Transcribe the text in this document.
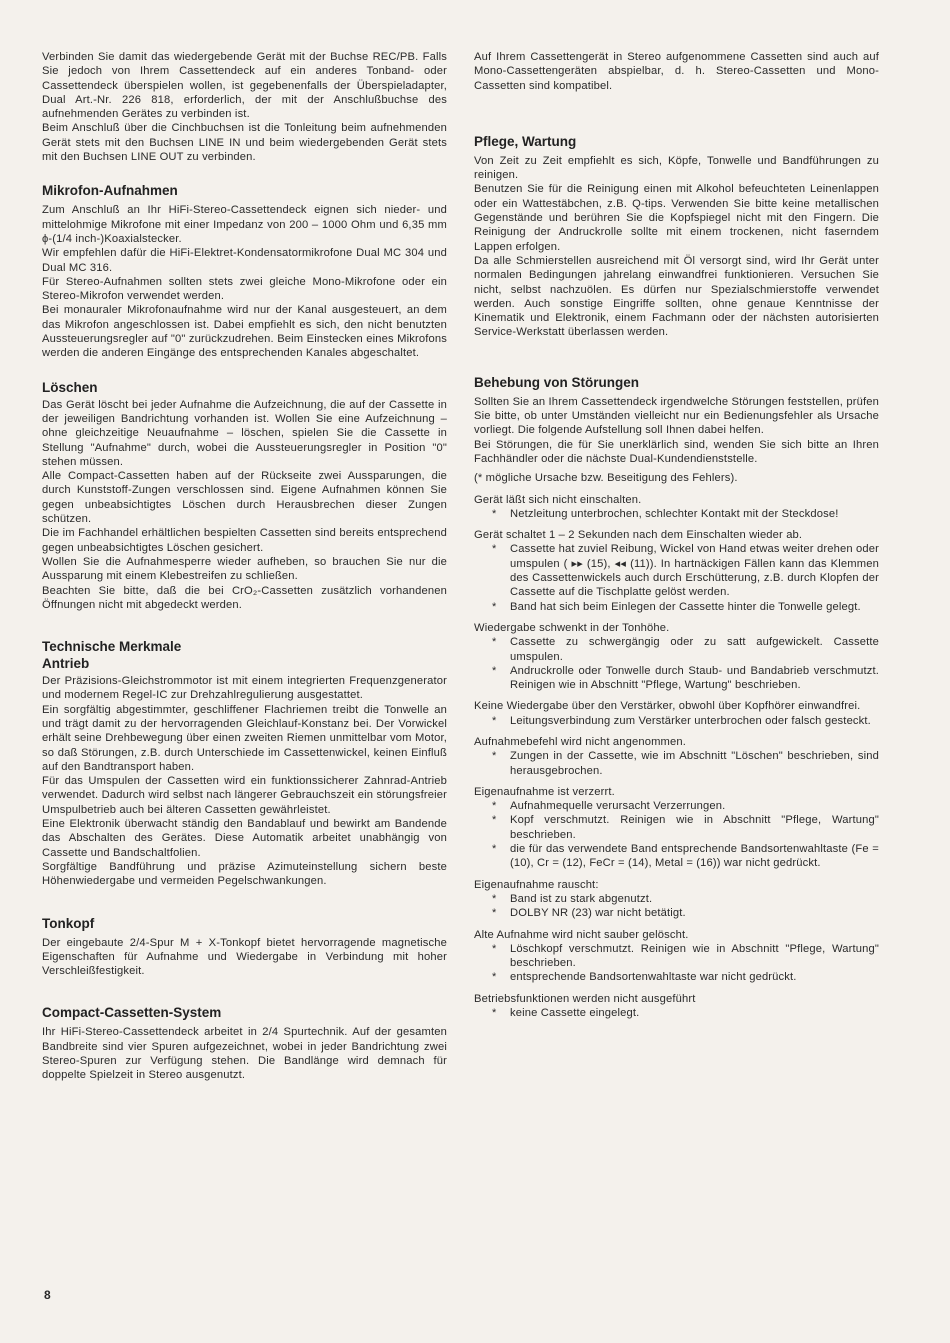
Verbinden Sie damit das wiedergebende Gerät mit der Buchse REC/PB. Falls Sie jedoch von Ihrem Cassettendeck auf ein anderes Tonband- oder Cassettendeck überspielen wollen, ist gegebenenfalls der Überspieladapter, Dual Art.-Nr. 226 818, erforderlich, der mit der Anschlußbuchse des aufnehmenden Gerätes zu verbinden ist.

Beim Anschluß über die Cinchbuchsen ist die Tonleitung beim aufnehmenden Gerät stets mit den Buchsen LINE IN und beim wiedergebenden Gerät stets mit den Buchsen LINE OUT zu verbinden.

Mikrofon-Aufnahmen

Zum Anschluß an Ihr HiFi-Stereo-Cassettendeck eignen sich nieder- und mittelohmige Mikrofone mit einer Impedanz von 200 – 1000 Ohm und 6,35 mm ϕ-(1/4 inch-)Koaxialstecker.

Wir empfehlen dafür die HiFi-Elektret-Kondensatormikrofone Dual MC 304 und Dual MC 316.

Für Stereo-Aufnahmen sollten stets zwei gleiche Mono-Mikrofone oder ein Stereo-Mikrofon verwendet werden.

Bei monauraler Mikrofonaufnahme wird nur der Kanal ausgesteuert, an dem das Mikrofon angeschlossen ist. Dabei empfiehlt es sich, den nicht benutzten Aussteuerungsregler auf "0" zurückzudrehen. Beim Einstecken eines Mikrofons werden die anderen Eingänge des entsprechenden Kanales abgeschaltet.

Löschen

Das Gerät löscht bei jeder Aufnahme die Aufzeichnung, die auf der Cassette in der jeweiligen Bandrichtung vorhanden ist. Wollen Sie eine Aufzeichnung – ohne gleichzeitige Neuaufnahme – löschen, spielen Sie die Cassette in Stellung "Aufnahme" durch, wobei die Aussteuerungsregler in Position "0" stehen müssen.

Alle Compact-Cassetten haben auf der Rückseite zwei Aussparungen, die durch Kunststoff-Zungen verschlossen sind. Eigene Aufnahmen können Sie gegen unbeabsichtigtes Löschen durch Herausbrechen dieser Zungen schützen.

Die im Fachhandel erhältlichen bespielten Cassetten sind bereits entsprechend gegen unbeabsichtigtes Löschen gesichert.

Wollen Sie die Aufnahmesperre wieder aufheben, so brauchen Sie nur die Aussparung mit einem Klebestreifen zu schließen.

Beachten Sie bitte, daß die bei CrO₂-Cassetten zusätzlich vorhandenen Öffnungen nicht mit abgedeckt werden.

Technische Merkmale
Antrieb

Der Präzisions-Gleichstrommotor ist mit einem integrierten Frequenzgenerator und modernem Regel-IC zur Drehzahlregulierung ausgestattet.

Ein sorgfältig abgestimmter, geschliffener Flachriemen treibt die Tonwelle an und trägt damit zu der hervorragenden Gleichlauf-Konstanz bei. Der Vorwickel erhält seine Drehbewegung über einen zweiten Riemen unmittelbar vom Motor, so daß Störungen, z.B. durch Unterschiede im Cassettenwickel, keinen Einfluß auf den Bandtransport haben.

Für das Umspulen der Cassetten wird ein funktionssicherer Zahnrad-Antrieb verwendet. Dadurch wird selbst nach längerer Gebrauchszeit ein störungsfreier Umspulbetrieb auch bei älteren Cassetten gewährleistet.

Eine Elektronik überwacht ständig den Bandablauf und bewirkt am Bandende das Abschalten des Gerätes. Diese Automatik arbeitet unabhängig von Cassette und Bandschaltfolien.

Sorgfältige Bandführung und präzise Azimuteinstellung sichern beste Höhenwiedergabe und vermeiden Pegelschwankungen.

Tonkopf

Der eingebaute 2/4-Spur M + X-Tonkopf bietet hervorragende magnetische Eigenschaften für Aufnahme und Wiedergabe in Verbindung mit hoher Verschleißfestigkeit.

Compact-Cassetten-System

Ihr HiFi-Stereo-Cassettendeck arbeitet in 2/4 Spurtechnik. Auf der gesamten Bandbreite sind vier Spuren aufgezeichnet, wobei in jeder Bandrichtung zwei Stereo-Spuren zur Verfügung stehen. Die Bandlänge wird demnach für doppelte Spielzeit in Stereo ausgenutzt.

Auf Ihrem Cassettengerät in Stereo aufgenommene Cassetten sind auch auf Mono-Cassettengeräten abspielbar, d. h. Stereo-Cassetten und Mono-Cassetten sind kompatibel.

Pflege, Wartung

Von Zeit zu Zeit empfiehlt es sich, Köpfe, Tonwelle und Bandführungen zu reinigen.

Benutzen Sie für die Reinigung einen mit Alkohol befeuchteten Leinenlappen oder ein Wattestäbchen, z.B. Q-tips. Verwenden Sie bitte keine metallischen Gegenstände und berühren Sie die Kopfspiegel nicht mit den Fingern. Die Reinigung der Andruckrolle sollte mit einem trockenen, nicht faserndem Lappen erfolgen.

Da alle Schmierstellen ausreichend mit Öl versorgt sind, wird Ihr Gerät unter normalen Bedingungen jahrelang einwandfrei funktionieren. Versuchen Sie nicht, selbst nachzuölen. Es dürfen nur Spezialschmierstoffe verwendet werden. Auch sonstige Eingriffe sollten, ohne genaue Kenntnisse der Kinematik und Elektronik, einem Fachmann oder der nächsten autorisierten Service-Werkstatt überlassen werden.

Behebung von Störungen

Sollten Sie an Ihrem Cassettendeck irgendwelche Störungen feststellen, prüfen Sie bitte, ob unter Umständen vielleicht nur ein Bedienungsfehler als Ursache vorliegt. Die folgende Aufstellung soll Ihnen dabei helfen.

Bei Störungen, die für Sie unerklärlich sind, wenden Sie sich bitte an Ihren Fachhändler oder die nächste Dual-Kundendienststelle.

(* mögliche Ursache bzw. Beseitigung des Fehlers).

Gerät läßt sich nicht einschalten.

*	Netzleitung unterbrochen, schlechter Kontakt mit der Steckdose!

Gerät schaltet 1 – 2 Sekunden nach dem Einschalten wieder ab.

*	Cassette hat zuviel Reibung, Wickel von Hand etwas weiter drehen oder umspulen ( ▸▸ (15), ◂◂ (11)). In hartnäckigen Fällen kann das Klemmen des Cassettenwickels auch durch Erschütterung, z.B. durch Klopfen der Cassette auf die Tischplatte gelöst werden.
*	Band hat sich beim Einlegen der Cassette hinter die Tonwelle gelegt.

Wiedergabe schwenkt in der Tonhöhe.

*	Cassette zu schwergängig oder zu satt aufgewickelt. Cassette umspulen.
*	Andruckrolle oder Tonwelle durch Staub- und Bandabrieb verschmutzt. Reinigen wie in Abschnitt "Pflege, Wartung" beschrieben.

Keine Wiedergabe über den Verstärker, obwohl über Kopfhörer einwandfrei.

*	Leitungsverbindung zum Verstärker unterbrochen oder falsch gesteckt.

Aufnahmebefehl wird nicht angenommen.

*	Zungen in der Cassette, wie im Abschnitt "Löschen" beschrieben, sind herausgebrochen.

Eigenaufnahme ist verzerrt.

*	Aufnahmequelle verursacht Verzerrungen.
*	Kopf verschmutzt. Reinigen wie in Abschnitt "Pflege, Wartung" beschrieben.
*	die für das verwendete Band entsprechende Bandsortenwahltaste (Fe = (10), Cr = (12), FeCr = (14), Metal = (16)) war nicht gedrückt.

Eigenaufnahme rauscht:

*	Band ist zu stark abgenutzt.
*	DOLBY NR (23) war nicht betätigt.

Alte Aufnahme wird nicht sauber gelöscht.

*	Löschkopf verschmutzt. Reinigen wie in Abschnitt "Pflege, Wartung" beschrieben.
*	entsprechende Bandsortenwahltaste war nicht gedrückt.

Betriebsfunktionen werden nicht ausgeführt

*	keine Cassette eingelegt.
8
